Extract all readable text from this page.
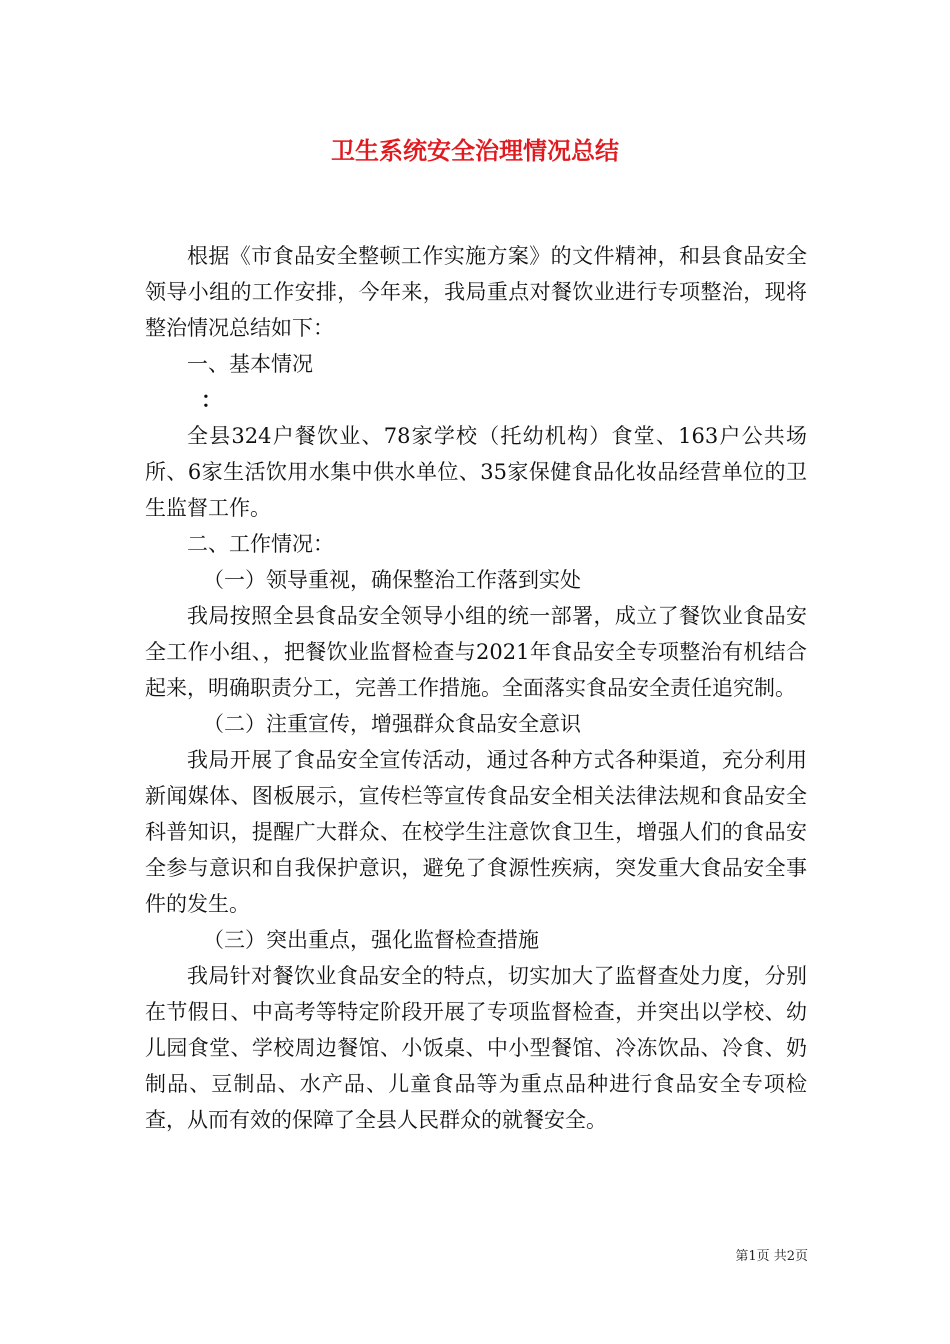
卫生系统安全治理情况总结

根据《市食品安全整顿工作实施方案》的文件精神，和县食品安全领导小组的工作安排，今年来，我局重点对餐饮业进行专项整治，现将整治情况总结如下：

一、基本情况

：

全县324户餐饮业、78家学校（托幼机构）食堂、163户公共场所、6家生活饮用水集中供水单位、35家保健食品化妆品经营单位的卫生监督工作。

二、工作情况：

（一）领导重视，确保整治工作落到实处

我局按照全县食品安全领导小组的统一部署，成立了餐饮业食品安全工作小组、，把餐饮业监督检查与2021年食品安全专项整治有机结合起来，明确职责分工，完善工作措施。全面落实食品安全责任追究制。

（二）注重宣传，增强群众食品安全意识

我局开展了食品安全宣传活动，通过各种方式各种渠道，充分利用新闻媒体、图板展示，宣传栏等宣传食品安全相关法律法规和食品安全科普知识，提醒广大群众、在校学生注意饮食卫生，增强人们的食品安全参与意识和自我保护意识，避免了食源性疾病，突发重大食品安全事件的发生。

（三）突出重点，强化监督检查措施

我局针对餐饮业食品安全的特点，切实加大了监督查处力度，分别在节假日、中高考等特定阶段开展了专项监督检查，并突出以学校、幼儿园食堂、学校周边餐馆、小饭桌、中小型餐馆、冷冻饮品、冷食、奶制品、豆制品、水产品、儿童食品等为重点品种进行食品安全专项检查，从而有效的保障了全县人民群众的就餐安全。

第1页 共2页
